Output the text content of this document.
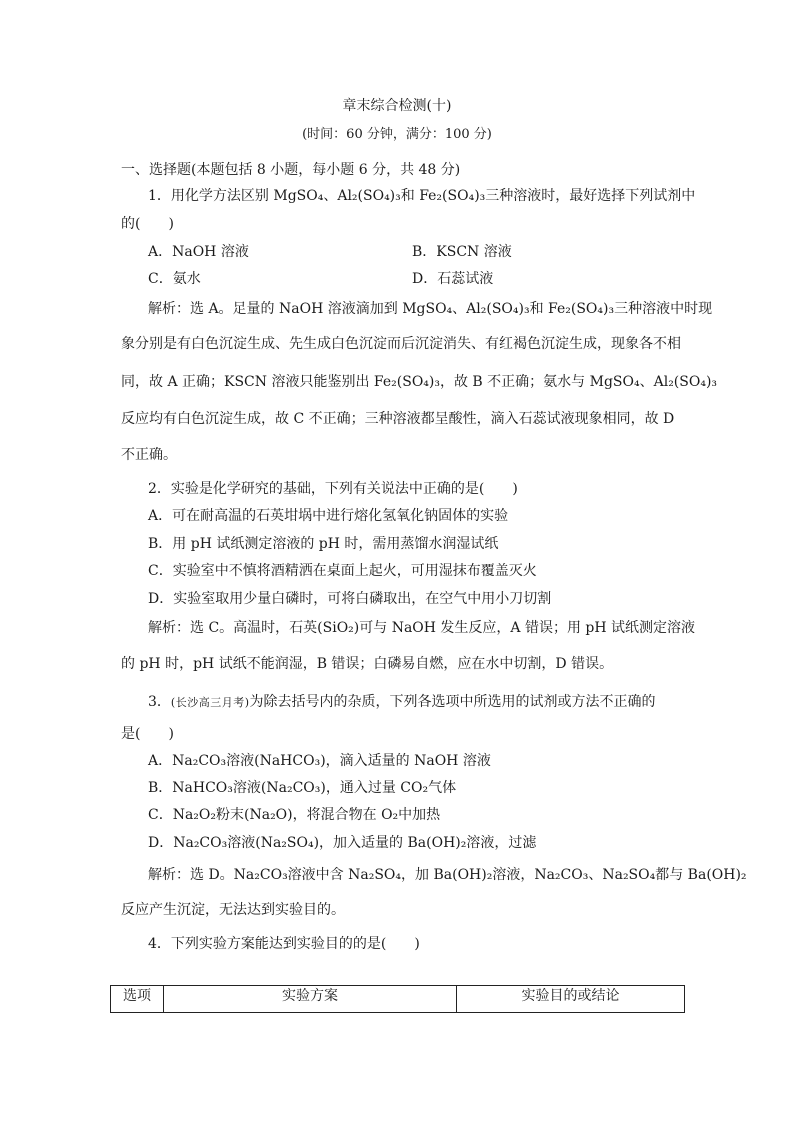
章末综合检测(十)
(时间：60 分钟，满分：100 分)
一、选择题(本题包括 8 小题，每小题 6 分，共 48 分)
1．用化学方法区别 MgSO₄、Al₂(SO₄)₃和 Fe₂(SO₄)₃三种溶液时，最好选择下列试剂中
的(　　)
A．NaOH 溶液	B．KSCN 溶液
C．氨水	D．石蕊试液
解析：选 A。足量的 NaOH 溶液滴加到 MgSO₄、Al₂(SO₄)₃和 Fe₂(SO₄)₃三种溶液中时现
象分别是有白色沉淀生成、先生成白色沉淀而后沉淀消失、有红褐色沉淀生成，现象各不相
同，故 A 正确；KSCN 溶液只能鉴别出 Fe₂(SO₄)₃，故 B 不正确；氨水与 MgSO₄、Al₂(SO₄)₃
反应均有白色沉淀生成，故 C 不正确；三种溶液都呈酸性，滴入石蕊试液现象相同，故 D
不正确。
2．实验是化学研究的基础，下列有关说法中正确的是(　　)
A．可在耐高温的石英坩埚中进行熔化氢氧化钠固体的实验
B．用 pH 试纸测定溶液的 pH 时，需用蒸馏水润湿试纸
C．实验室中不慎将酒精洒在桌面上起火，可用湿抹布覆盖灭火
D．实验室取用少量白磷时，可将白磷取出，在空气中用小刀切割
解析：选 C。高温时，石英(SiO₂)可与 NaOH 发生反应，A 错误；用 pH 试纸测定溶液
的 pH 时，pH 试纸不能润湿，B 错误；白磷易自燃，应在水中切割，D 错误。
3．(长沙高三月考)为除去括号内的杂质，下列各选项中所选用的试剂或方法不正确的
是(　　)
A．Na₂CO₃溶液(NaHCO₃)，滴入适量的 NaOH 溶液
B．NaHCO₃溶液(Na₂CO₃)，通入过量 CO₂气体
C．Na₂O₂粉末(Na₂O)，将混合物在 O₂中加热
D．Na₂CO₃溶液(Na₂SO₄)，加入适量的 Ba(OH)₂溶液，过滤
解析：选 D。Na₂CO₃溶液中含 Na₂SO₄，加 Ba(OH)₂溶液，Na₂CO₃、Na₂SO₄都与 Ba(OH)₂
反应产生沉淀，无法达到实验目的。
4．下列实验方案能达到实验目的的是(　　)
选项	实验方案	实验目的或结论
